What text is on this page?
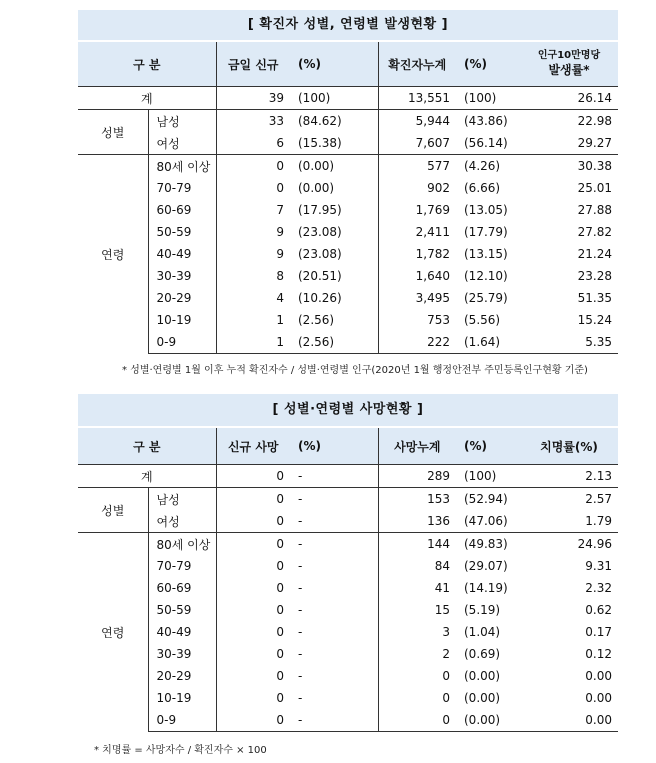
[ 확진자 성별, 연령별 발생현황 ]
구 분		금일 신규	(%)	확진자누계	(%)	인구10만명당
발생률*

계		39	(100)	13,551	(100)	26.14
성별	남성	33	(84.62)	5,944	(43.86)	22.98
	여성	6	(15.38)	7,607	(56.14)	29.27
연령	80세 이상	0	(0.00)	577	(4.26)	30.38
	70-79	0	(0.00)	902	(6.66)	25.01
	60-69	7	(17.95)	1,769	(13.05)	27.88
	50-59	9	(23.08)	2,411	(17.79)	27.82
	40-49	9	(23.08)	1,782	(13.15)	21.24
	30-39	8	(20.51)	1,640	(12.10)	23.28
	20-29	4	(10.26)	3,495	(25.79)	51.35
	10-19	1	(2.56)	753	(5.56)	15.24
	0-9	1	(2.56)	222	(1.64)	5.35
* 성별·연령별 1월 이후 누적 확진자수 / 성별·연령별 인구(2020년 1월 행정안전부 주민등록인구현황 기준)
[ 성별·연령별 사망현황 ]
구 분		신규 사망	(%)	사망누계	(%)	치명률(%)
계		0	-	289	(100)	2.13
성별	남성	0	-	153	(52.94)	2.57
	여성	0	-	136	(47.06)	1.79
연령	80세 이상	0	-	144	(49.83)	24.96
	70-79	0	-	84	(29.07)	9.31
	60-69	0	-	41	(14.19)	2.32
	50-59	0	-	15	(5.19)	0.62
	40-49	0	-	3	(1.04)	0.17
	30-39	0	-	2	(0.69)	0.12
	20-29	0	-	0	(0.00)	0.00
	10-19	0	-	0	(0.00)	0.00
	0-9	0	-	0	(0.00)	0.00
* 치명률 = 사망자수 / 확진자수 × 100
